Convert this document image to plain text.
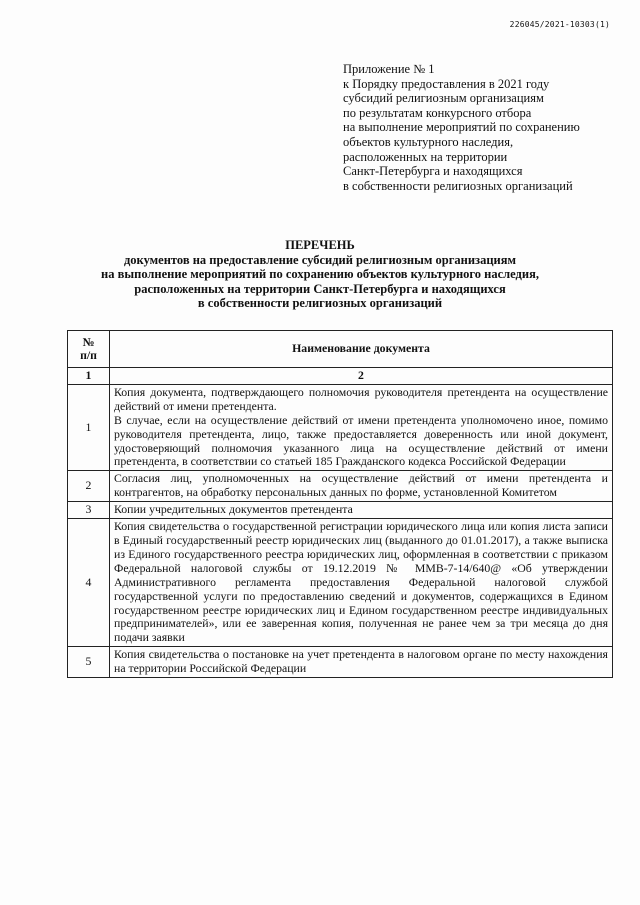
226045/2021-10303(1)
Приложение № 1
к Порядку предоставления в 2021 году
субсидий религиозным организациям
по результатам конкурсного отбора
на выполнение мероприятий по сохранению
объектов культурного наследия,
расположенных на территории
Санкт-Петербурга и находящихся
в собственности религиозных организаций
ПЕРЕЧЕНЬ
документов на предоставление субсидий религиозным организациям
на выполнение мероприятий по сохранению объектов культурного наследия,
расположенных на территории Санкт-Петербурга и находящихся
в собственности религиозных организаций
№
п/п	Наименование документа
1	2
1	Копия документа, подтверждающего полномочия руководителя претендента на осуществление действий от имени претендента.

В случае, если на осуществление действий от имени претендента уполномочено иное, помимо руководителя претендента, лицо, также предоставляется доверенность или иной документ, удостоверяющий полномочия указанного лица на осуществление действий от имени претендента, в соответствии со статьей 185 Гражданского кодекса Российской Федерации

2	Согласия лиц, уполномоченных на осуществление действий от имени претендента и контрагентов, на обработку персональных данных по форме, установленной Комитетом

3	Копии учредительных документов претендента

4	Копия свидетельства о государственной регистрации юридического лица или копия листа записи в Единый государственный реестр юридических лиц (выданного до 01.01.2017), а также выписка из Единого государственного реестра юридических лиц, оформленная в соответствии с приказом Федеральной налоговой службы от 19.12.2019 № ММВ-7-14/640@ «Об утверждении Административного регламента предоставления Федеральной налоговой службой государственной услуги по предоставлению сведений и документов, содержащихся в Едином государственном реестре юридических лиц и Едином государственном реестре индивидуальных предпринимателей», или ее заверенная копия, полученная не ранее чем за три месяца до дня подачи заявки

5	Копия свидетельства о постановке на учет претендента в налоговом органе по месту нахождения на территории Российской Федерации
